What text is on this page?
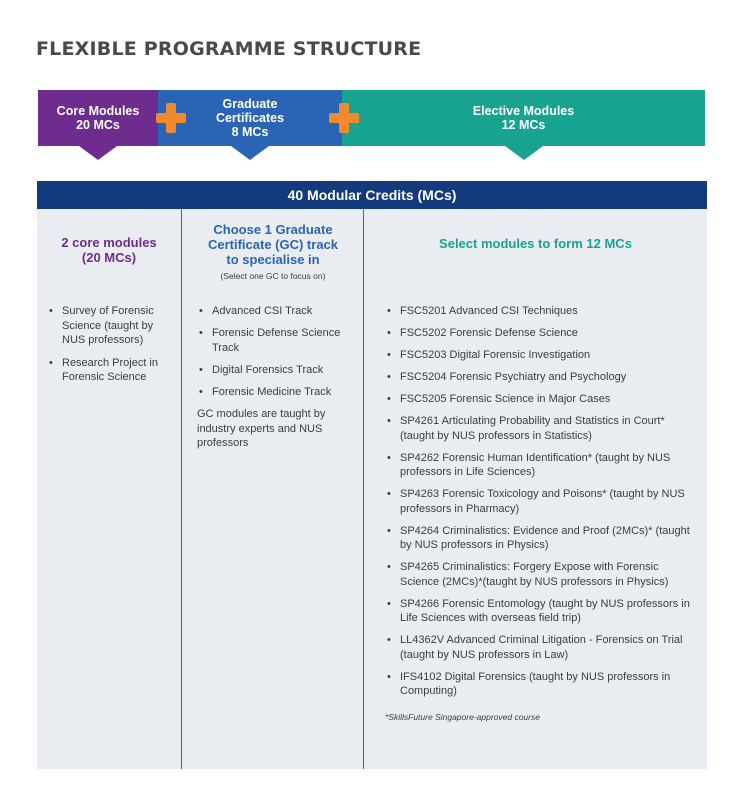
FLEXIBLE PROGRAMME STRUCTURE
Core Modules
20 MCs
Graduate
Certificates
8 MCs
Elective Modules
12 MCs
40 Modular Credits (MCs)
2 core modules
(20 MCs)
Choose 1 Graduate
Certificate (GC) track
to specialise in
(Select one GC to focus on)
Select modules to form 12 MCs
• Survey of Forensic Science (taught by NUS professors)
• Research Project in Forensic Science
• Advanced CSI Track
• Forensic Defense Science Track
• Digital Forensics Track
• Forensic Medicine Track
GC modules are taught by industry experts and NUS professors
• FSC5201 Advanced CSI Techniques
• FSC5202 Forensic Defense Science
• FSC5203 Digital Forensic Investigation
• FSC5204 Forensic Psychiatry and Psychology
• FSC5205 Forensic Science in Major Cases
• SP4261 Articulating Probability and Statistics in Court* (taught by NUS professors in Statistics)
• SP4262 Forensic Human Identification* (taught by NUS professors in Life Sciences)
• SP4263 Forensic Toxicology and Poisons* (taught by NUS professors in Pharmacy)
• SP4264 Criminalistics: Evidence and Proof (2MCs)* (taught by NUS professors in Physics)
• SP4265 Criminalistics: Forgery Expose with Forensic Science (2MCs)*(taught by NUS professors in Physics)
• SP4266 Forensic Entomology (taught by NUS professors in Life Sciences with overseas field trip)
• LL4362V Advanced Criminal Litigation - Forensics on Trial (taught by NUS professors in Law)
• IFS4102 Digital Forensics (taught by NUS professors in Computing)
*SkillsFuture Singapore-approved course
